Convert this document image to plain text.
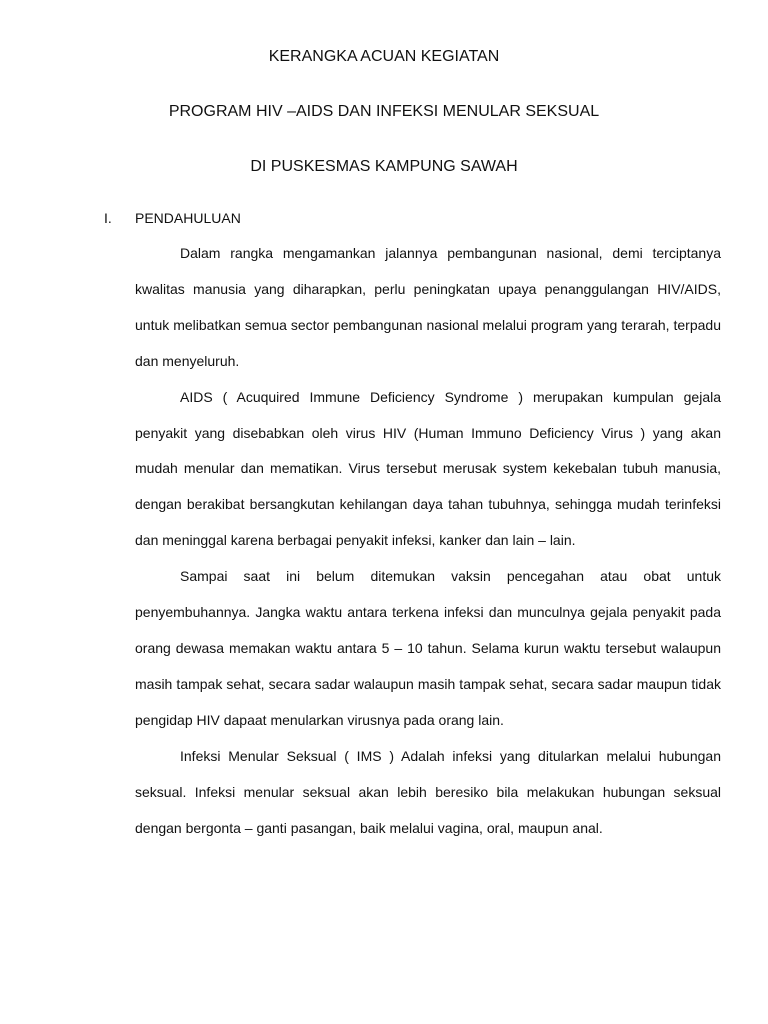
KERANGKA ACUAN KEGIATAN
PROGRAM HIV –AIDS DAN INFEKSI MENULAR SEKSUAL
DI PUSKESMAS KAMPUNG SAWAH
I. PENDAHULUAN

Dalam rangka mengamankan jalannya pembangunan nasional, demi terciptanya kwalitas manusia yang diharapkan, perlu peningkatan upaya penanggulangan HIV/AIDS, untuk melibatkan semua sector pembangunan nasional melalui program yang terarah, terpadu dan menyeluruh.

AIDS ( Acuquired Immune Deficiency Syndrome ) merupakan kumpulan gejala penyakit yang disebabkan oleh virus HIV (Human Immuno Deficiency Virus ) yang akan mudah menular dan mematikan. Virus tersebut merusak system kekebalan tubuh manusia, dengan berakibat bersangkutan kehilangan daya tahan tubuhnya, sehingga mudah terinfeksi dan meninggal karena berbagai penyakit infeksi, kanker dan lain – lain.

Sampai saat ini belum ditemukan vaksin pencegahan atau obat untuk penyembuhannya. Jangka waktu antara terkena infeksi dan munculnya gejala penyakit pada orang dewasa memakan waktu antara 5 – 10 tahun. Selama kurun waktu tersebut walaupun masih tampak sehat, secara sadar walaupun masih tampak sehat, secara sadar maupun tidak pengidap HIV dapaat menularkan virusnya pada orang lain.

Infeksi Menular Seksual ( IMS ) Adalah infeksi yang ditularkan melalui hubungan seksual. Infeksi menular seksual akan lebih beresiko bila melakukan hubungan seksual dengan bergonta – ganti pasangan, baik melalui vagina, oral, maupun anal.
